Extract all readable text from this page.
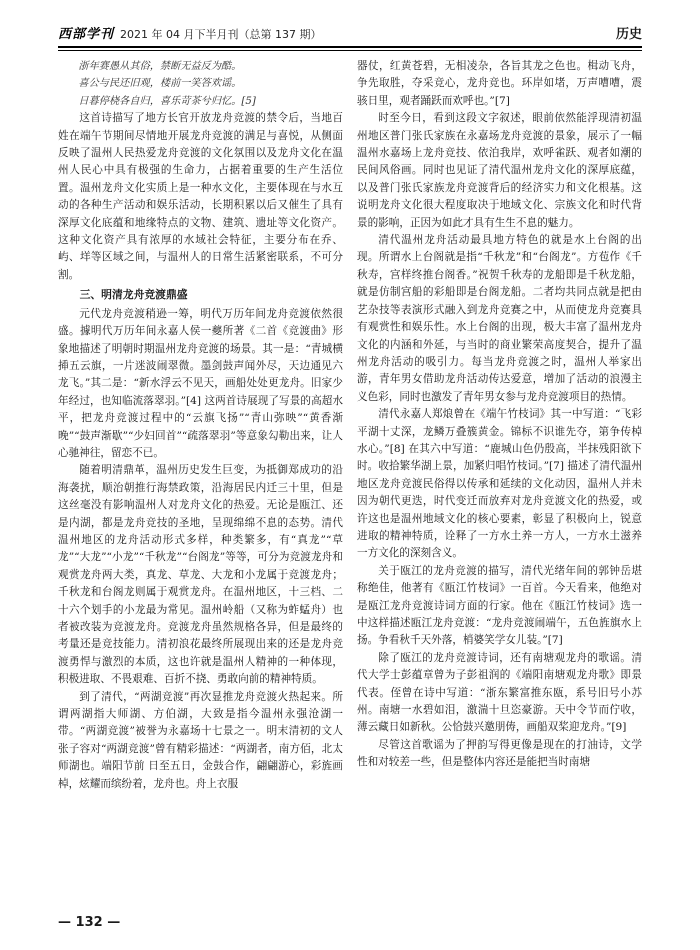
西部学刊 2021 年 04 月下半月刊（总第 137 期）	历史

浙年赛愚从其俗，禁断无益反为酷。

喜公与民还旧观，楼前一笑答欢谣。

日暮停桡各自归，喜乐苛茶兮归忆。[5]

这首诗描写了地方长官开放龙舟竞渡的禁令后，当地百姓在端午节期间尽情地开展龙舟竞渡的满足与喜悦，从侧面反映了温州人民热爱龙舟竞渡的文化氛围以及龙舟文化在温州人民心中具有极强的生命力，占据着重要的生产生活位置。温州龙舟文化实质上是一种水文化，主要体现在与水互动的各种生产活动和娱乐活动，长期积累以后又催生了具有深厚文化底蕴和地缘特点的文物、建筑、遗址等文化资产。这种文化资产具有浓厚的水域社会特征，主要分布在乔、屿、垟等区域之间，与温州人的日常生活紧密联系，不可分割。

三、明清龙舟竞渡鼎盛

元代龙舟竞渡稍逊一筹，明代万历年间龙舟竞渡依然很盛。據明代万历年间永嘉人侯一夔所著《二首《竞渡曲》形象地描述了明朝时期温州龙舟竞渡的场景。其一是：“青城横揷五云旗，一片迷波闹翠微。墨剑鼓声闻外尽，天边通见六龙飞。”其二是：“新水浮云不见天，画船处处更龙舟。旧家少年经过，也知临流落翠羽。”[4] 这两首诗展现了写景的高超水平，把龙舟竞渡过程中的“云旗飞扬”“青山弥映”“黄香渐晚”“鼓声渐歇”“少妇回首”“疏落翠羽”等意象勾勒出来，让人心驰神往，留恋不已。

随着明清鼎革，温州历史发生巨变，为抵御郑成功的沿海袭扰，顺治朝推行海禁政策，沿海居民内迁三十里，但是这丝毫没有影响温州人对龙舟文化的热爱。无论是瓯江、还是内湖，都是龙舟竞技的圣地，呈现绵绵不息的态势。清代温州地区的龙舟活动形式多样，种类繁多，有“真龙”“草龙”“大龙”“小龙”“千秋龙”“台阁龙”等等，可分为竞渡龙舟和观赏龙舟两大类，真龙、草龙、大龙和小龙属于竞渡龙舟；千秋龙和台阁龙则属于观赏龙舟。在温州地区，十三档、二十六个划手的小龙最为常见。温州岭船（又称为蚱蜢舟）也者被改装为竞渡龙舟。竞渡龙舟虽然规格各异，但是最终的考量还是竞技能力。清初浪花最终所展现出来的还是龙舟竞渡勇悍与激烈的本质，这也许就是温州人精神的一种体现，积极进取、不畏艰难、百折不挠、勇敢向前的精神特质。

到了清代，“两湖竞渡”再次显推龙舟竞渡火热起来。所谓两湖指大师湖、方伯湖，大致是指今温州永强沧湖一带。“两湖竞渡”被誉为永嘉场十七景之一。明末清初的文人张子容对“两湖竞渡”曾有精彩描述：“两湖者，南方佰，北太师湖也。端阳节前 日至五日，金鼓合作，翩翩游心，彩旌画棹，炫耀而缤纷着，龙舟也。舟上衣服

器仗，红黄苍碧，无相凌杂，各旨其龙之色也。楫动飞舟，争先取胜，夺采竞心，龙舟竞也。环岸如堵，万声嘈嘈，震骇日里，观者踊跃而欢呼也。”[7]

时至今日，看到这段文字叙述，眼前依然能浮现清初温州地区普门张氏家族在永嘉场龙舟竞渡的景象，展示了一幅温州水嘉场上龙舟竞技、依泊我岸，欢呼雀跃、观者如潮的民间风俗画。同时也见证了清代温州龙舟文化的深厚底蕴，以及普门张氏家族龙舟竞渡背后的经济实力和文化根基。这说明龙舟文化很大程度取决于地域文化、宗族文化和时代背景的影响，正因为如此才具有生生不息的魅力。

清代温州龙舟活动最具地方特色的就是水上台阁的出现。所谓水上台阁就是指“千秋龙”和“台阁龙”。方苞作《千秋寿，宫样终推台阁香。”祝贺千秋寿的龙船即是千秋龙船，就是仿制宫船的彩船即是台阁龙船。二者均共同点就是把由艺杂技等表演形式融入到龙舟竞赛之中，从而使龙舟竞赛具有观赏性和娱乐性。水上台阁的出现，极大丰富了温州龙舟文化的内涵和外延，与当时的商业繁荣高度契合，提升了温州龙舟活动的吸引力。每当龙舟竞渡之时，温州人举家出游，青年男女借助龙舟活动传达爱意，增加了活动的浪漫主义色彩，同时也激发了青年男女参与龙舟竞渡项目的热情。

清代永嘉人郑烺曾在《端午竹枝词》其一中写道：“飞彩平湖十丈深，龙鳞万叠簇黄金。锦标不识谁先夺，第争传棹水心。”[8] 在其六中写道：“鹿城山色仍殷高，半抹残阳欲下时。收拾繁华湖上景，加紧归唱竹枝词。”[7] 描述了清代温州地区龙舟竞渡民俗得以传承和延续的文化动因，温州人并未因为朝代更迭，时代变迁而放弃对龙舟竞渡文化的热爱，或许这也是温州地域文化的核心要素，彰显了积极向上，锐意进取的精神特质，诠释了一方水土养一方人，一方水土滋养一方文化的深刻含义。

关于瓯江的龙舟竞渡的描写，清代光绪年间的郭钟岳堪称绝佳，他著有《瓯江竹枝词》一百首。今天看来，他绝对是瓯江龙舟竞渡诗词方面的行家。他在《瓯江竹枝词》选一中这样描述瓯江龙舟竞渡：“龙舟竞渡闹端午，五色旌旗水上扬。争看秋千天外落，梢婆笑学女儿装。”[7]

除了瓯江的龙舟竞渡诗词，还有南塘观龙舟的歌谣。清代大学士彭蕴章曾为子彭祖润的《端阳南塘观龙舟歌》即景代表。侄曾在诗中写道：“浙东繁富推东瓯，系号旧号小苏州。南塘一水碧如泪，激湍十旦恣豪游。天中令节而佇收，薄云藏日如新秋。公恰鼓兴邀朋俦，画船双桨迎龙舟。”[9]

尽管这首歌谣为了押韵写得更像是现在的打油诗，文学性和对较差一些，但是整体内容还是能把当时南塘

— 132 —
